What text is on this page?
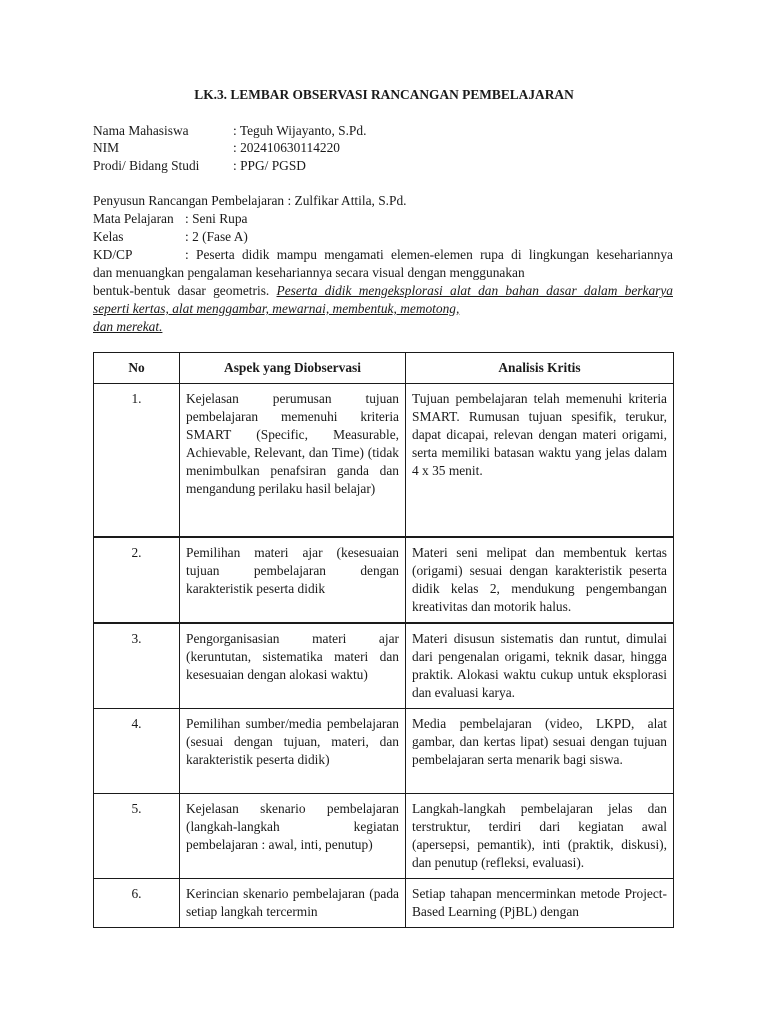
LK.3. LEMBAR OBSERVASI RANCANGAN PEMBELAJARAN
Nama Mahasiswa	: Teguh Wijayanto, S.Pd.
NIM	: 202410630114220
Prodi/ Bidang Studi	: PPG/ PGSD
Penyusun Rancangan Pembelajaran : Zulfikar Attila, S.Pd.
Mata Pelajaran : Seni Rupa
Kelas	: 2 (Fase A)
KD/CP	: Peserta didik mampu mengamati elemen-elemen rupa di lingkungan kesehariannya
dan menuangkan pengalaman kesehariannya secara visual dengan menggunakan
bentuk-bentuk dasar geometris. Peserta didik mengeksplorasi alat dan bahan dasar dalam berkarya
seperti kertas, alat menggambar, mewarnai, membentuk, memotong,
dan merekat.
No	Aspek yang Diobservasi	Analisis Kritis
1.	Kejelasan perumusan tujuan pembelajaran memenuhi kriteria SMART (Specific, Measurable, Achievable, Relevant, dan Time) (tidak menimbulkan penafsiran ganda dan mengandung perilaku hasil belajar)	Tujuan pembelajaran telah memenuhi kriteria SMART. Rumusan tujuan spesifik, terukur, dapat dicapai, relevan dengan materi origami, serta memiliki batasan waktu yang jelas dalam 4 x 35 menit.
2.	Pemilihan materi ajar (kesesuaian tujuan pembelajaran dengan karakteristik peserta didik	Materi seni melipat dan membentuk kertas (origami) sesuai dengan karakteristik peserta didik kelas 2, mendukung pengembangan kreativitas dan motorik halus.
3.	Pengorganisasian materi ajar (keruntutan, sistematika materi dan kesesuaian dengan alokasi waktu)	Materi disusun sistematis dan runtut, dimulai dari pengenalan origami, teknik dasar, hingga praktik. Alokasi waktu cukup untuk eksplorasi dan evaluasi karya.
4.	Pemilihan sumber/media pembelajaran (sesuai dengan tujuan, materi, dan karakteristik peserta didik)	Media pembelajaran (video, LKPD, alat gambar, dan kertas lipat) sesuai dengan tujuan pembelajaran serta menarik bagi siswa.
5.	Kejelasan skenario pembelajaran (langkah-langkah kegiatan pembelajaran : awal, inti, penutup)	Langkah-langkah pembelajaran jelas dan terstruktur, terdiri dari kegiatan awal (apersepsi, pemantik), inti (praktik, diskusi), dan penutup (refleksi, evaluasi).
6.	Kerincian skenario pembelajaran (pada setiap langkah tercermin	Setiap tahapan mencerminkan metode Project-Based Learning (PjBL) dengan
